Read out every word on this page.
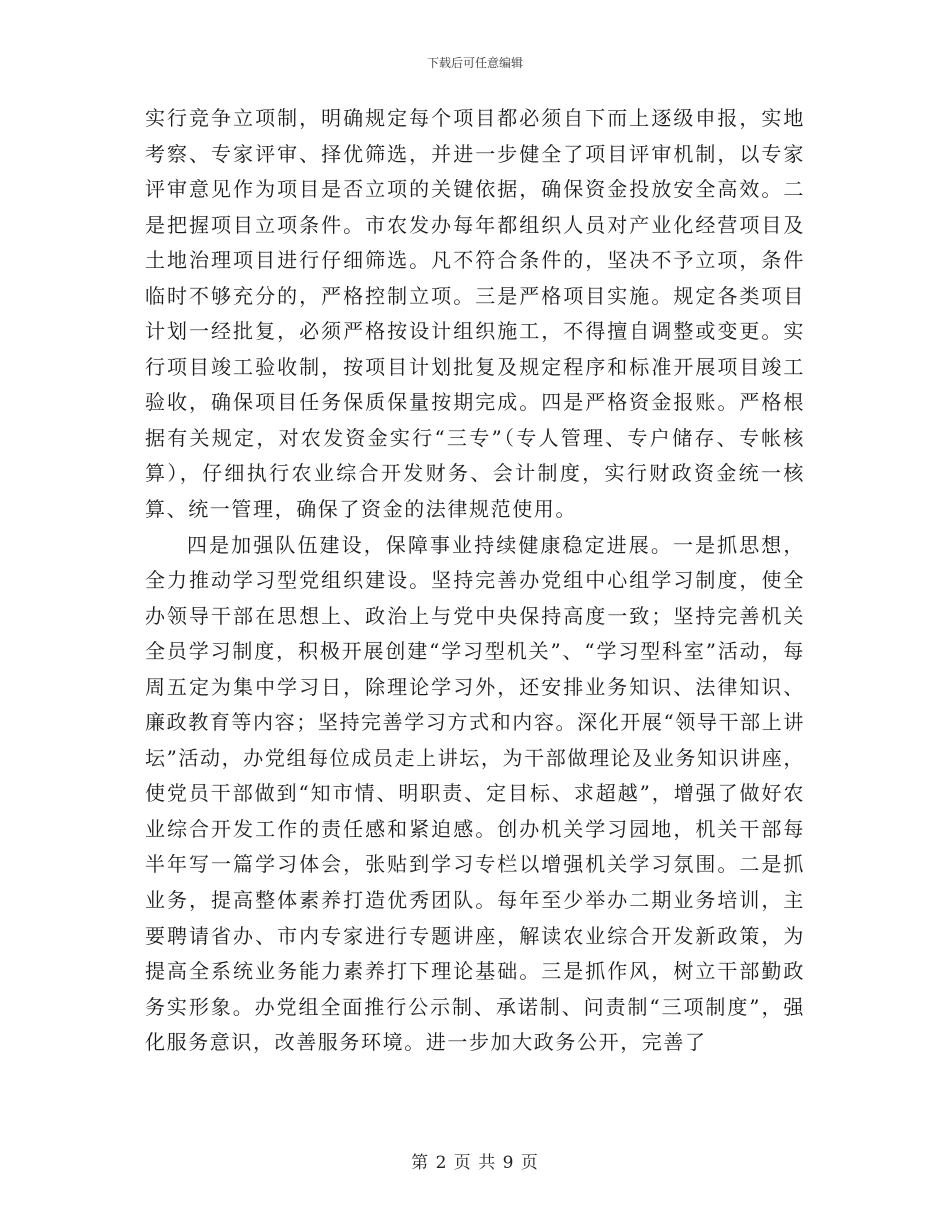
下载后可任意编辑

实行竞争立项制，明确规定每个项目都必须自下而上逐级申报，实地考察、专家评审、择优筛选，并进一步健全了项目评审机制，以专家评审意见作为项目是否立项的关键依据，确保资金投放安全高效。二是把握项目立项条件。市农发办每年都组织人员对产业化经营项目及土地治理项目进行仔细筛选。凡不符合条件的，坚决不予立项，条件临时不够充分的，严格控制立项。三是严格项目实施。规定各类项目计划一经批复，必须严格按设计组织施工，不得擅自调整或变更。实行项目竣工验收制，按项目计划批复及规定程序和标准开展项目竣工验收，确保项目任务保质保量按期完成。四是严格资金报账。严格根据有关规定，对农发资金实行“三专”（专人管理、专户储存、专帐核算），仔细执行农业综合开发财务、会计制度，实行财政资金统一核算、统一管理，确保了资金的法律规范使用。

四是加强队伍建设，保障事业持续健康稳定进展。一是抓思想，全力推动学习型党组织建设。坚持完善办党组中心组学习制度，使全办领导干部在思想上、政治上与党中央保持高度一致；坚持完善机关全员学习制度，积极开展创建“学习型机关”、“学习型科室”活动，每周五定为集中学习日，除理论学习外，还安排业务知识、法律知识、廉政教育等内容；坚持完善学习方式和内容。深化开展“领导干部上讲坛”活动，办党组每位成员走上讲坛，为干部做理论及业务知识讲座，使党员干部做到“知市情、明职责、定目标、求超越”，增强了做好农业综合开发工作的责任感和紧迫感。创办机关学习园地，机关干部每半年写一篇学习体会，张贴到学习专栏以增强机关学习氛围。二是抓业务，提高整体素养打造优秀团队。每年至少举办二期业务培训，主要聘请省办、市内专家进行专题讲座，解读农业综合开发新政策，为提高全系统业务能力素养打下理论基础。三是抓作风，树立干部勤政务实形象。办党组全面推行公示制、承诺制、问责制“三项制度”，强化服务意识，改善服务环境。进一步加大政务公开，完善了

第 2 页 共 9 页
